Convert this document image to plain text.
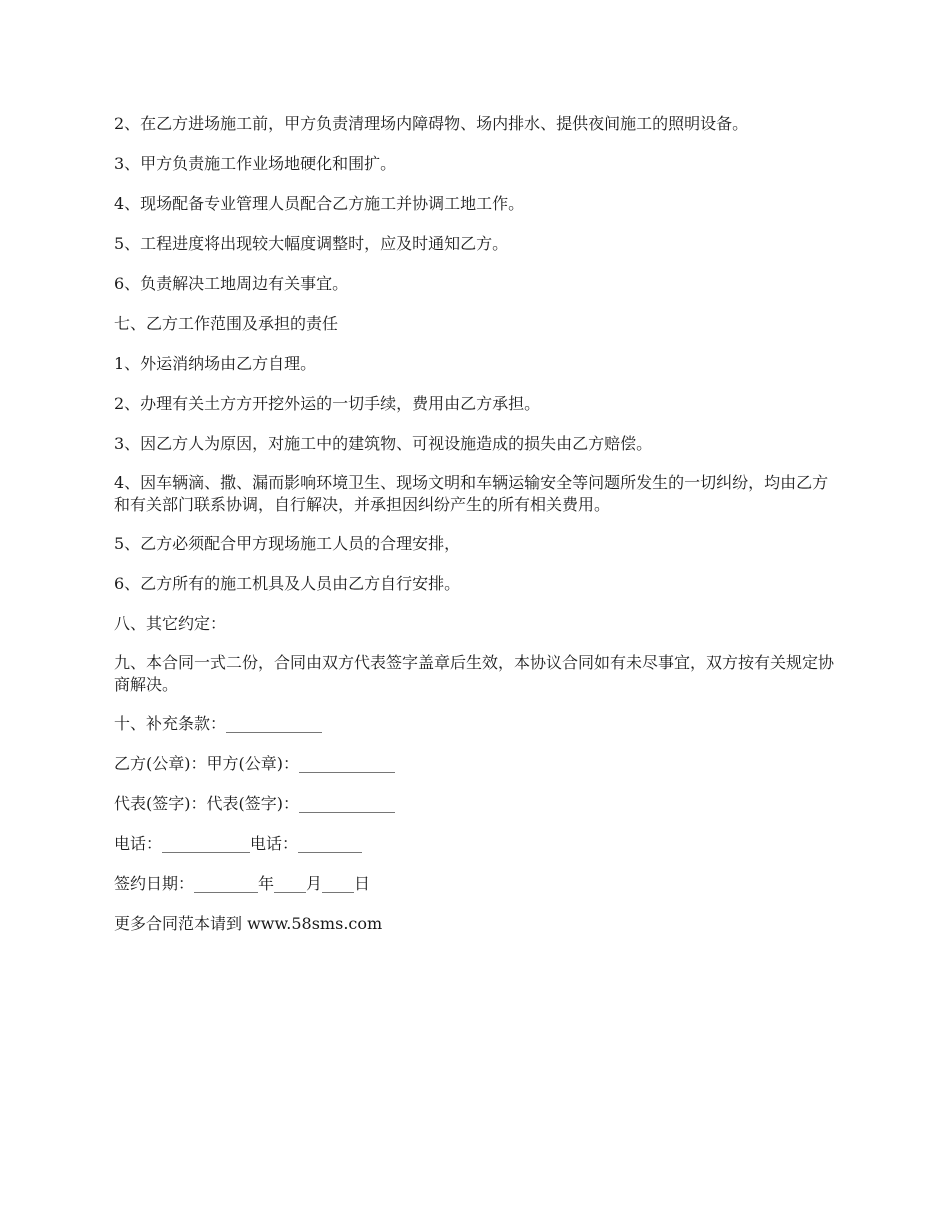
2、在乙方进场施工前，甲方负责清理场内障碍物、场内排水、提供夜间施工的照明设备。

3、甲方负责施工作业场地硬化和围扩。

4、现场配备专业管理人员配合乙方施工并协调工地工作。

5、工程进度将出现较大幅度调整时，应及时通知乙方。

6、负责解决工地周边有关事宜。

七、乙方工作范围及承担的责任

1、外运消纳场由乙方自理。

2、办理有关土方方开挖外运的一切手续，费用由乙方承担。

3、因乙方人为原因，对施工中的建筑物、可视设施造成的损失由乙方赔偿。

4、因车辆滴、撒、漏而影响环境卫生、现场文明和车辆运输安全等问题所发生的一切纠纷，均由乙方和有关部门联系协调，自行解决，并承担因纠纷产生的所有相关费用。

5、乙方必须配合甲方现场施工人员的合理安排，

6、乙方所有的施工机具及人员由乙方自行安排。

八、其它约定：

九、本合同一式二份，合同由双方代表签字盖章后生效，本协议合同如有未尽事宜，双方按有关规定协商解决。

十、补充条款：____________

乙方(公章)：甲方(公章)：____________

代表(签字)：代表(签字)：____________

电话：___________电话：________

签约日期：________年____月____日

更多合同范本请到 www.58sms.com
